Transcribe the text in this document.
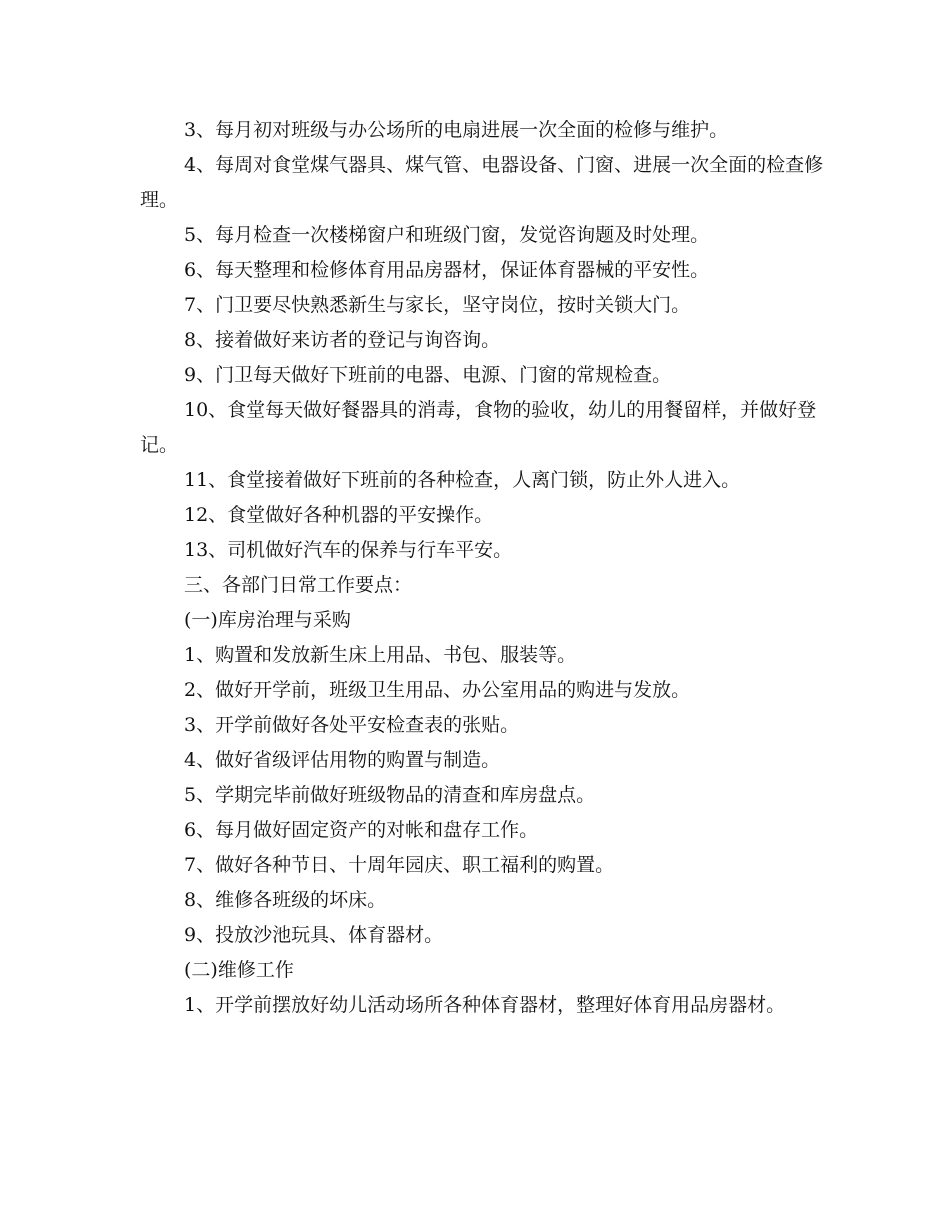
3、每月初对班级与办公场所的电扇进展一次全面的检修与维护。

4、每周对食堂煤气器具、煤气管、电器设备、门窗、进展一次全面的检查修理。

5、每月检查一次楼梯窗户和班级门窗，发觉咨询题及时处理。

6、每天整理和检修体育用品房器材，保证体育器械的平安性。

7、门卫要尽快熟悉新生与家长，坚守岗位，按时关锁大门。

8、接着做好来访者的登记与询咨询。

9、门卫每天做好下班前的电器、电源、门窗的常规检查。

10、食堂每天做好餐器具的消毒，食物的验收，幼儿的用餐留样，并做好登记。

11、食堂接着做好下班前的各种检查，人离门锁，防止外人进入。

12、食堂做好各种机器的平安操作。

13、司机做好汽车的保养与行车平安。

三、各部门日常工作要点：

(一)库房治理与采购

1、购置和发放新生床上用品、书包、服装等。

2、做好开学前，班级卫生用品、办公室用品的购进与发放。

3、开学前做好各处平安检查表的张贴。

4、做好省级评估用物的购置与制造。

5、学期完毕前做好班级物品的清查和库房盘点。

6、每月做好固定资产的对帐和盘存工作。

7、做好各种节日、十周年园庆、职工福利的购置。

8、维修各班级的坏床。

9、投放沙池玩具、体育器材。

(二)维修工作

1、开学前摆放好幼儿活动场所各种体育器材，整理好体育用品房器材。
